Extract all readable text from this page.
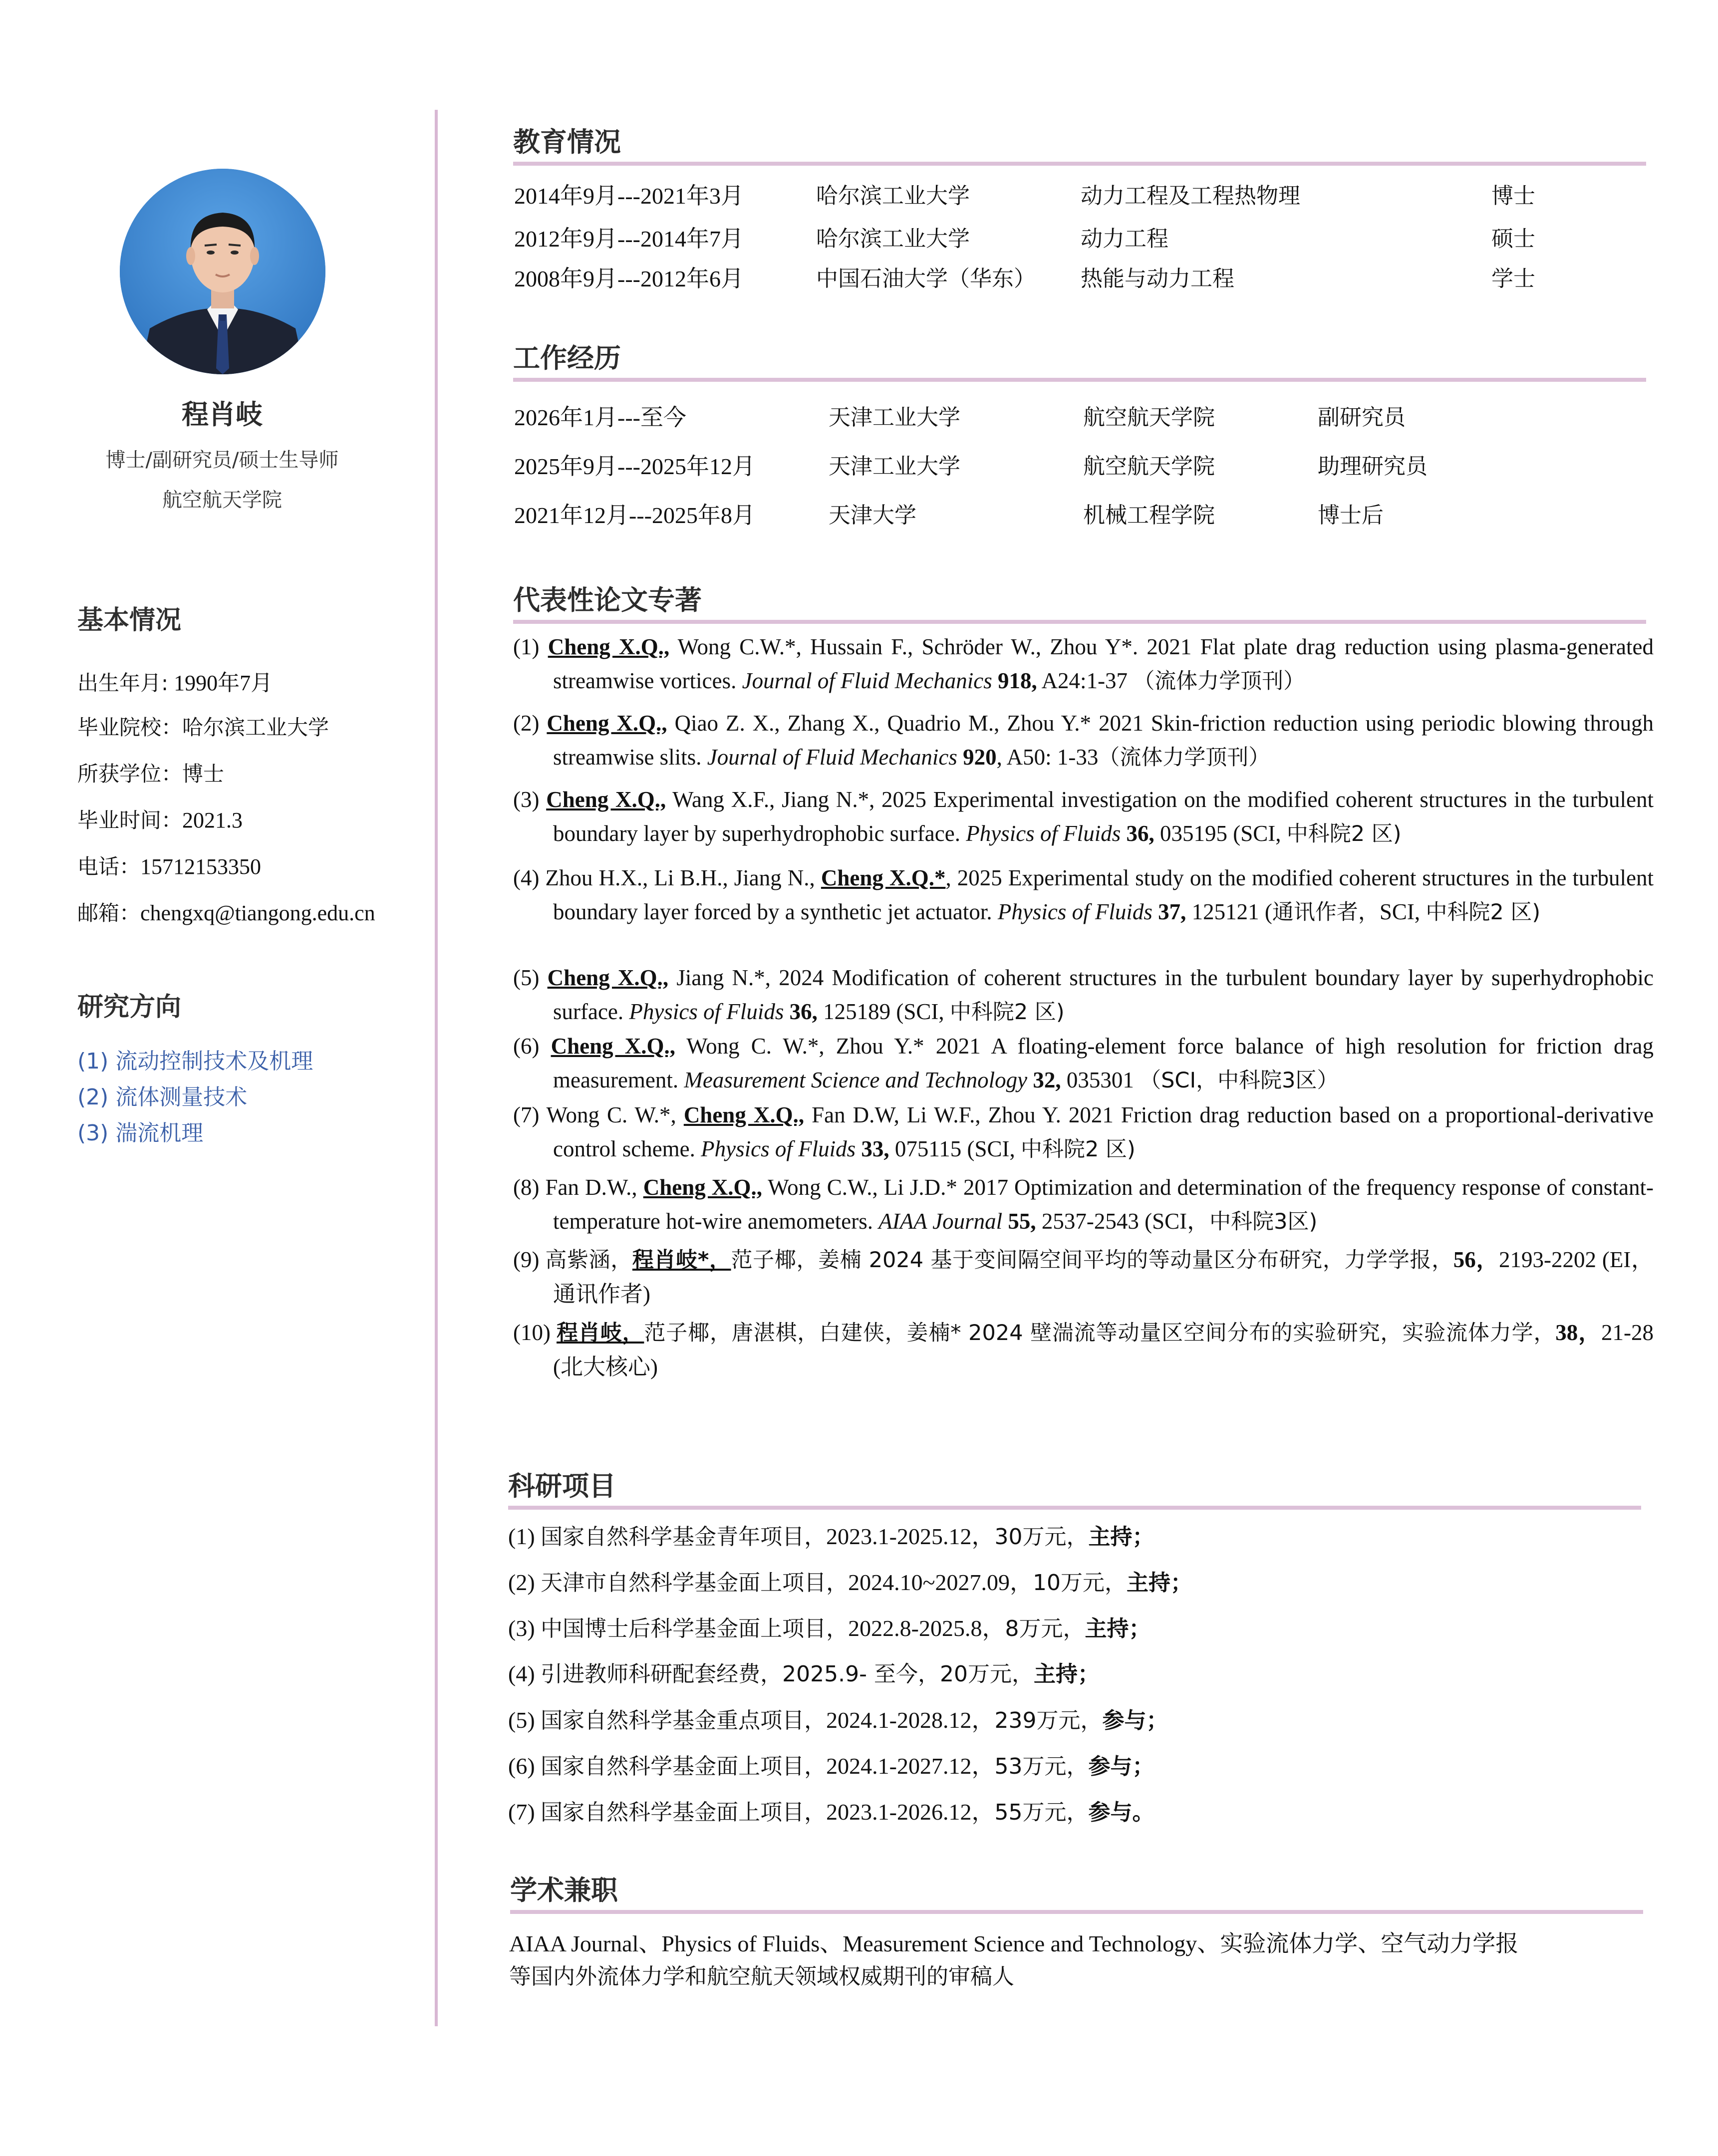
程肖岐
博士/副研究员/硕士生导师
航空航天学院
基本情况
出生年月: 1990年7月
毕业院校：哈尔滨工业大学
所获学位：博士
毕业时间：2021.3
电话：15712153350
邮箱：chengxq@tiangong.edu.cn
研究方向
(1) 流动控制技术及机理
(2) 流体测量技术
(3) 湍流机理
教育情况
2014年9月---2021年3月	哈尔滨工业大学	动力工程及工程热物理	博士
2012年9月---2014年7月	哈尔滨工业大学	动力工程	硕士
2008年9月---2012年6月	中国石油大学（华东） 热能与动力工程	学士
工作经历
2026年1月---至今	天津工业大学	航空航天学院	副研究员
2025年9月---2025年12月	天津工业大学	航空航天学院	助理研究员
2021年12月---2025年8月	天津大学	机械工程学院	博士后
代表性论文专著
(1) Cheng X.Q., Wong C.W.*, Hussain F., Schröder W., Zhou Y*. 2021 Flat plate drag reduction using plasma-generated streamwise vortices. Journal of Fluid Mechanics 918, A24:1-37 （流体力学顶刊）
(2) Cheng X.Q., Qiao Z. X., Zhang X., Quadrio M., Zhou Y.* 2021 Skin-friction reduction using periodic blowing through streamwise slits. Journal of Fluid Mechanics 920, A50: 1-33（流体力学顶刊）
(3) Cheng X.Q., Wang X.F., Jiang N.*, 2025 Experimental investigation on the modified coherent structures in the turbulent boundary layer by superhydrophobic surface. Physics of Fluids 36, 035195 (SCI, 中科院2 区)
(4) Zhou H.X., Li B.H., Jiang N., Cheng X.Q.*, 2025 Experimental study on the modified coherent structures in the turbulent boundary layer forced by a synthetic jet actuator. Physics of Fluids 37, 125121 (通讯作者，SCI, 中科院2 区)
(5) Cheng X.Q., Jiang N.*, 2024 Modification of coherent structures in the turbulent boundary layer by superhydrophobic surface. Physics of Fluids 36, 125189 (SCI, 中科院2 区)
(6) Cheng X.Q., Wong C. W.*, Zhou Y.* 2021 A floating-element force balance of high resolution for friction drag measurement. Measurement Science and Technology 32, 035301 （SCI，中科院3区）
(7) Wong C. W.*, Cheng X.Q., Fan D.W, Li W.F., Zhou Y. 2021 Friction drag reduction based on a proportional-derivative control scheme. Physics of Fluids 33, 075115 (SCI, 中科院2 区)
(8) Fan D.W., Cheng X.Q., Wong C.W., Li J.D.* 2017 Optimization and determination of the frequency response of constant-temperature hot-wire anemometers. AIAA Journal 55, 2537-2543 (SCI，中科院3区)
(9) 高紫涵，程肖岐*，范子椰，姜楠 2024 基于变间隔空间平均的等动量区分布研究，力学学报，56，2193-2202 (EI，通讯作者)
(10) 程肖岐，范子椰，唐湛棋，白建侠，姜楠* 2024 壁湍流等动量区空间分布的实验研究，实验流体力学，38，21-28 (北大核心)
科研项目
(1) 国家自然科学基金青年项目，2023.1-2025.12，30万元，主持；
(2) 天津市自然科学基金面上项目，2024.10~2027.09，10万元，主持；
(3) 中国博士后科学基金面上项目，2022.8-2025.8，8万元，主持；
(4) 引进教师科研配套经费，2025.9- 至今，20万元，主持；
(5) 国家自然科学基金重点项目，2024.1-2028.12，239万元，参与；
(6) 国家自然科学基金面上项目，2024.1-2027.12，53万元，参与；
(7) 国家自然科学基金面上项目，2023.1-2026.12，55万元，参与。
学术兼职
AIAA Journal、Physics of Fluids、Measurement Science and Technology、实验流体力学、空气动力学报
等国内外流体力学和航空航天领域权威期刊的审稿人
